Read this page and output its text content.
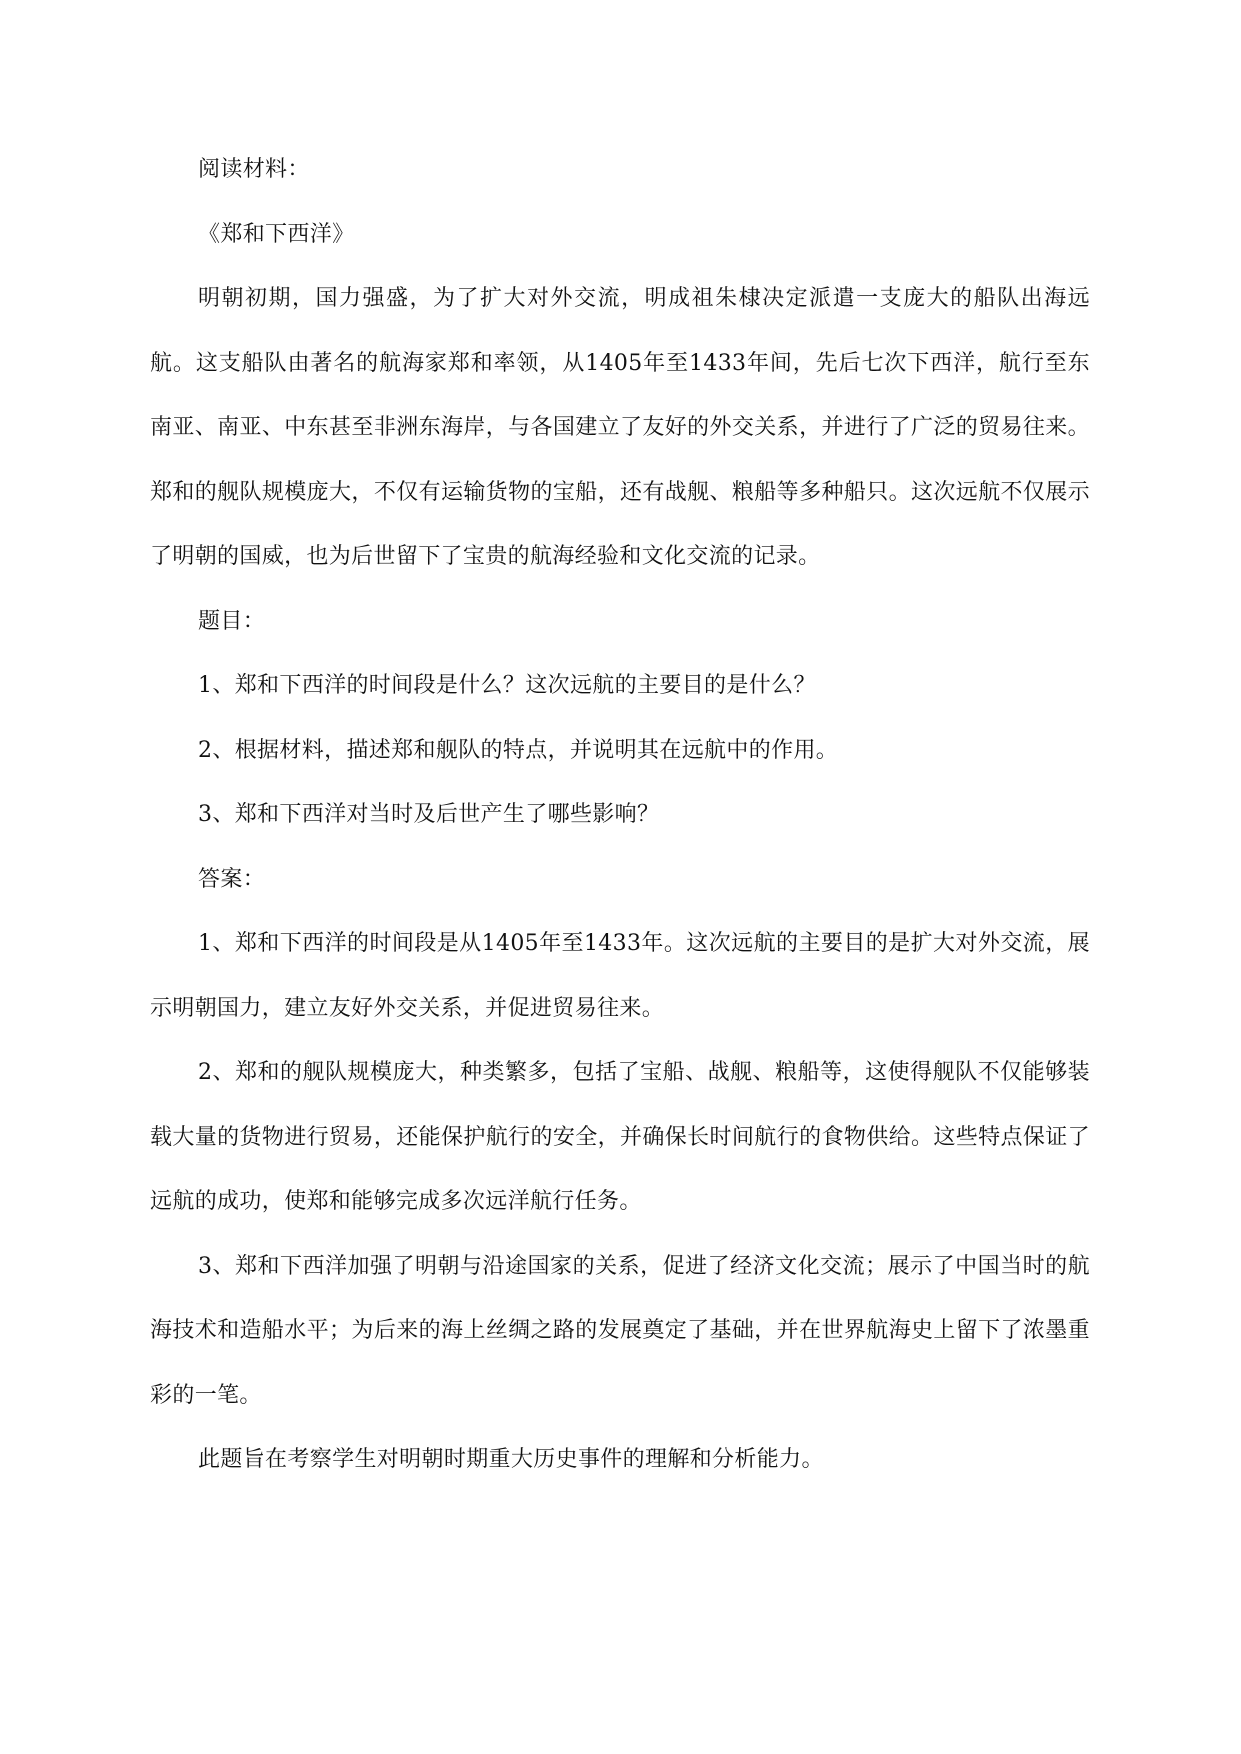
阅读材料：

《郑和下西洋》

明朝初期，国力强盛，为了扩大对外交流，明成祖朱棣决定派遣一支庞大的船队出海远航。这支船队由著名的航海家郑和率领，从1405年至1433年间，先后七次下西洋，航行至东南亚、南亚、中东甚至非洲东海岸，与各国建立了友好的外交关系，并进行了广泛的贸易往来。郑和的舰队规模庞大，不仅有运输货物的宝船，还有战舰、粮船等多种船只。这次远航不仅展示了明朝的国威，也为后世留下了宝贵的航海经验和文化交流的记录。

题目：

1、郑和下西洋的时间段是什么？这次远航的主要目的是什么？

2、根据材料，描述郑和舰队的特点，并说明其在远航中的作用。

3、郑和下西洋对当时及后世产生了哪些影响？

答案：

1、郑和下西洋的时间段是从1405年至1433年。这次远航的主要目的是扩大对外交流，展示明朝国力，建立友好外交关系，并促进贸易往来。

2、郑和的舰队规模庞大，种类繁多，包括了宝船、战舰、粮船等，这使得舰队不仅能够装载大量的货物进行贸易，还能保护航行的安全，并确保长时间航行的食物供给。这些特点保证了远航的成功，使郑和能够完成多次远洋航行任务。

3、郑和下西洋加强了明朝与沿途国家的关系，促进了经济文化交流；展示了中国当时的航海技术和造船水平；为后来的海上丝绸之路的发展奠定了基础，并在世界航海史上留下了浓墨重彩的一笔。

此题旨在考察学生对明朝时期重大历史事件的理解和分析能力。
